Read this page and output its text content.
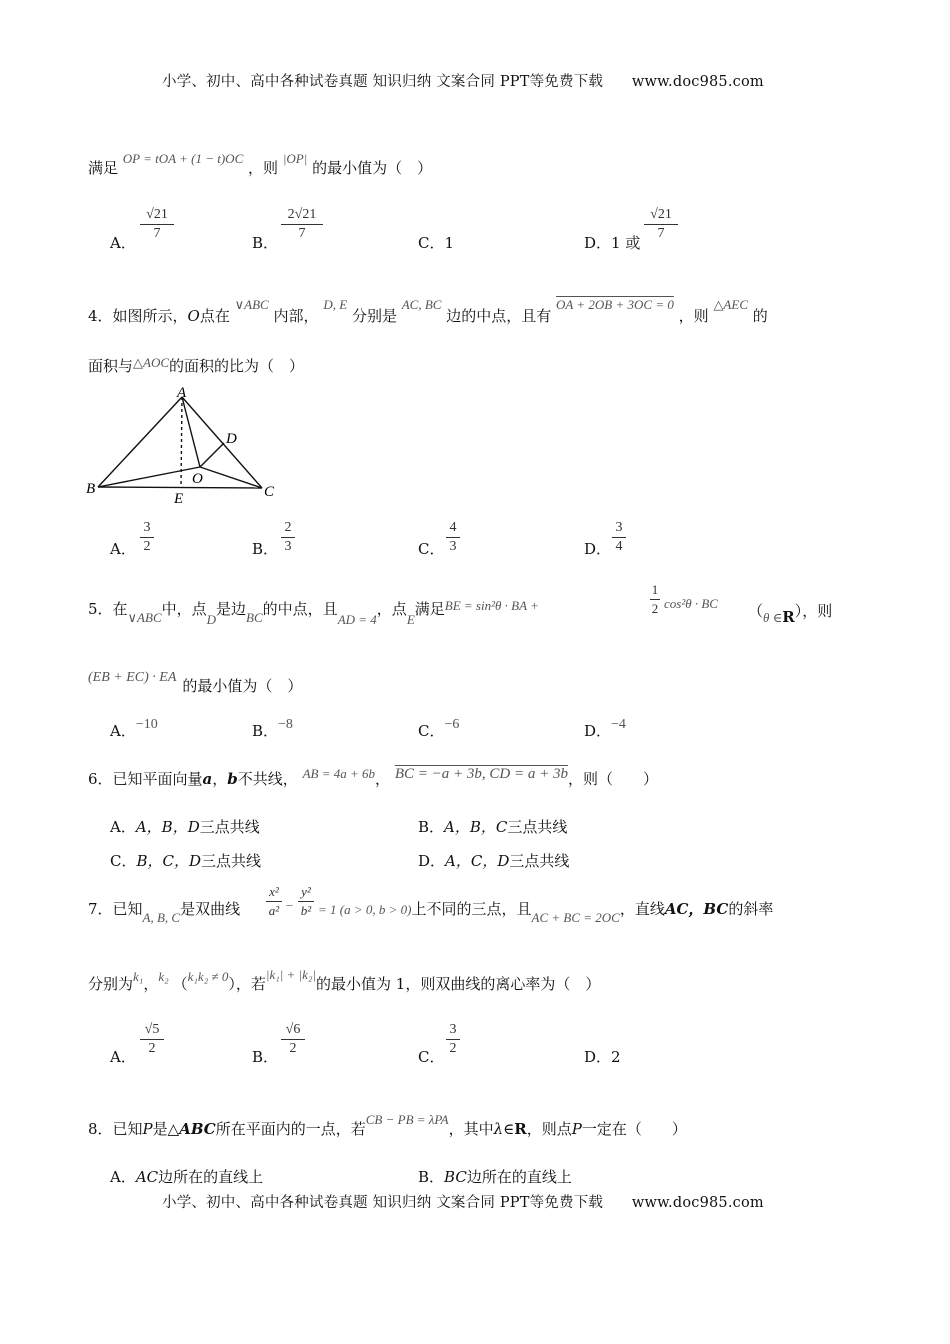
小学、初中、高中各种试卷真题 知识归纳 文案合同 PPT等免费下载 www.doc985.com
满足 OP = tOA + (1 − t)OC ，则 |OP| 的最小值为（　）
A．
√21
7
B．
2√21
7
C．1	D．1 或
√21
7
4．如图所示，O点在 ∨ABC 内部， D, E 分别是 AC, BC 边的中点，且有 OA + 2OB + 3OC = 0 ，则 △AEC 的
面积与△AOC的面积的比为（　）
A
B	C
D
E
O
A．
3
2	B．
2
3	C．
4
3	D．
3
4
5．在∨ABC中，点D是边BC的中点，且AD = 4，点E满足BE = sin²θ · BA +
1
2 cos²θ · BC （θ ∈R），则
(EB + EC) · EA 的最小值为（　）
A．−10	B．−8	C．−6	D．−4
6．已知平面向量a，b不共线， AB = 4a + 6b， BC = −a + 3b, CD = a + 3b，则（　　）
A．A，B，D三点共线	B．A，B，C三点共线
C．B，C，D三点共线	D．A，C，D三点共线
7．已知A, B, C是双曲线
x²
a² −
y²
b² = 1 (a > 0, b > 0)上不同的三点，且AC + BC = 2OC，直线AC，BC的斜率
分别为k₁，k₂ （k₁k₂ ≠ 0），若|k₁| + |k₂|的最小值为 1，则双曲线的离心率为（　）
A．
√5
2	B．
√6
2	C．
3
2	D．2
8．已知P是△ABC所在平面内的一点，若CB − PB = λPA，其中λ∈R，则点P一定在（　　）
A．AC边所在的直线上	B．BC边所在的直线上
小学、初中、高中各种试卷真题 知识归纳 文案合同 PPT等免费下载 www.doc985.com
